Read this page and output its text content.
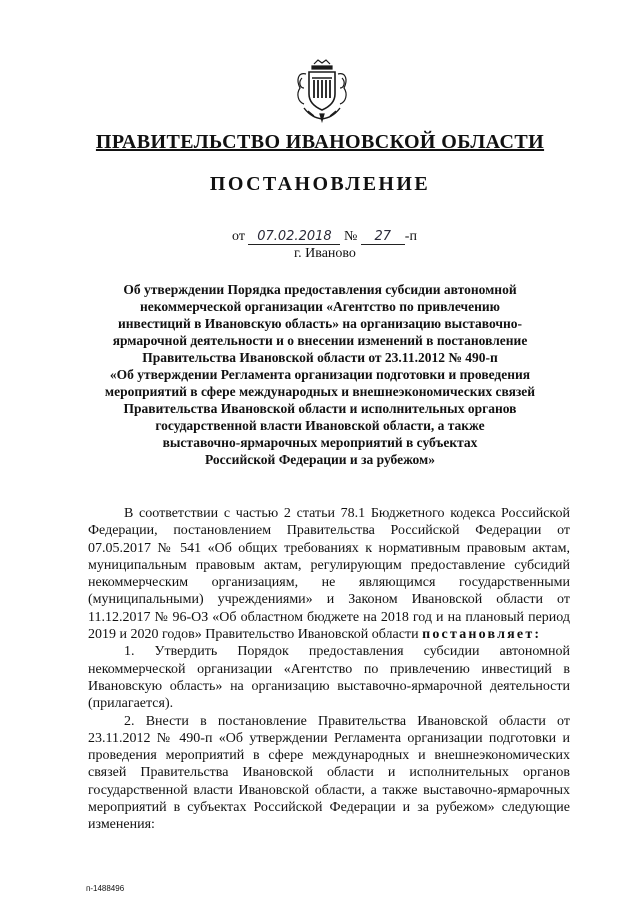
ПРАВИТЕЛЬСТВО ИВАНОВСКОЙ ОБЛАСТИ
ПОСТАНОВЛЕНИЕ
от 07.02.2018 № 27 -п
г. Иваново
Об утверждении Порядка предоставления субсидии автономной
некоммерческой организации «Агентство по привлечению
инвестиций в Ивановскую область» на организацию выставочно-
ярмарочной деятельности и о внесении изменений в постановление
Правительства Ивановской области от 23.11.2012 № 490-п
«Об утверждении Регламента организации подготовки и проведения
мероприятий в сфере международных и внешнеэкономических связей
Правительства Ивановской области и исполнительных органов
государственной власти Ивановской области, а также
выставочно-ярмарочных мероприятий в субъектах
Российской Федерации и за рубежом»

В соответствии с частью 2 статьи 78.1 Бюджетного кодекса Российской Федерации, постановлением Правительства Российской Федерации от 07.05.2017 № 541 «Об общих требованиях к нормативным правовым актам, муниципальным правовым актам, регулирующим предоставление субсидий некоммерческим организациям, не являющимся государственными (муниципальными) учреждениями» и Законом Ивановской области от 11.12.2017 № 96-ОЗ «Об областном бюджете на 2018 год и на плановый период 2019 и 2020 годов» Правительство Ивановской области постановляет:

1. Утвердить Порядок предоставления субсидии автономной некоммерческой организации «Агентство по привлечению инвестиций в Ивановскую область» на организацию выставочно-ярмарочной деятельности (прилагается).

2. Внести в постановление Правительства Ивановской области от 23.11.2012 № 490-п «Об утверждении Регламента организации подготовки и проведения мероприятий в сфере международных и внешнеэкономических связей Правительства Ивановской области и исполнительных органов государственной власти Ивановской области, а также выставочно-ярмарочных мероприятий в субъектах Российской Федерации и за рубежом» следующие изменения:

п-1488496
